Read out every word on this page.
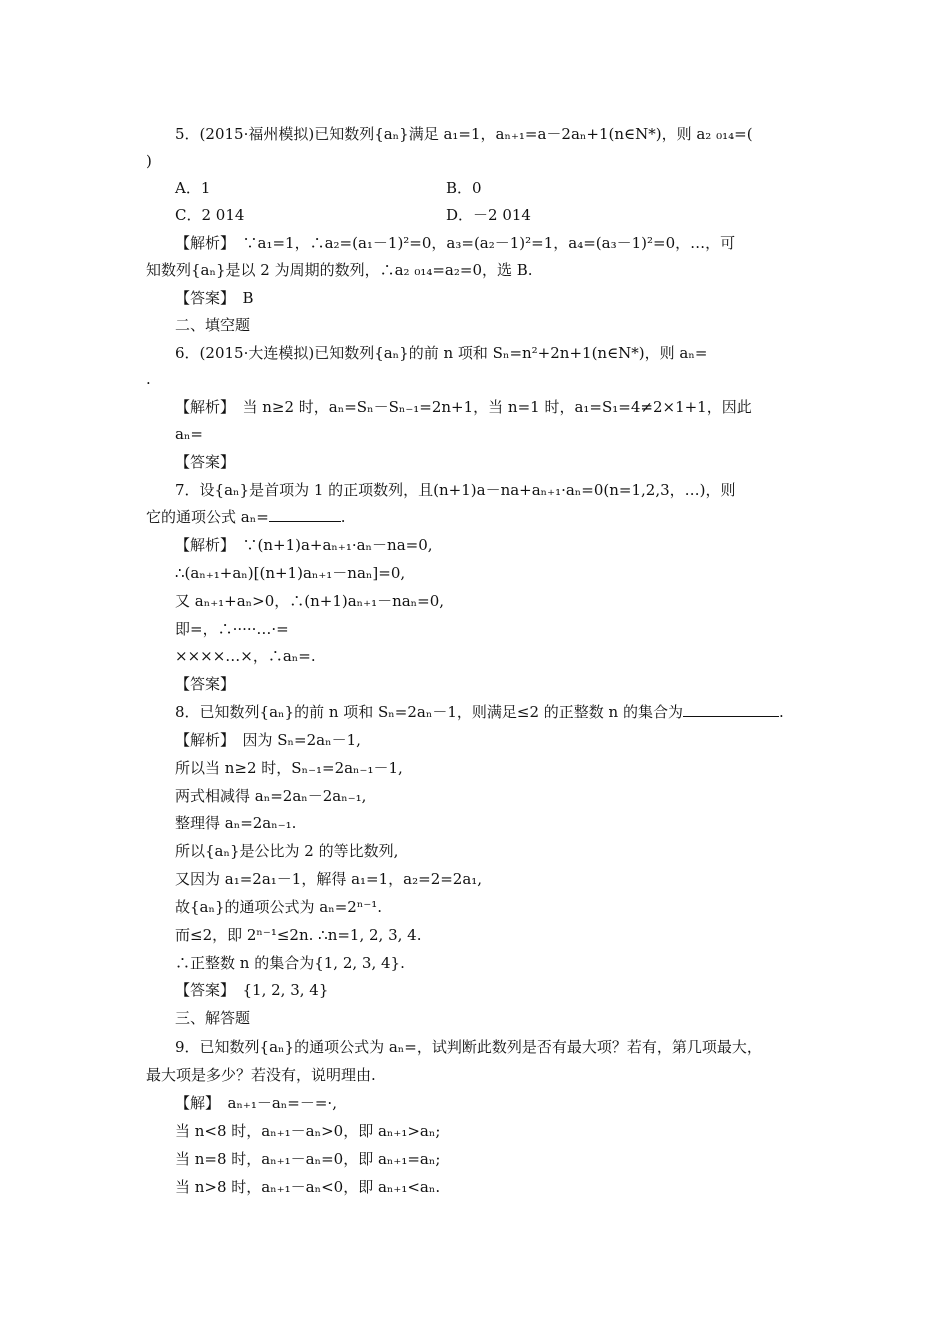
5．(2015·福州模拟)已知数列{aₙ}满足 a₁=1，aₙ₊₁=a－2aₙ+1(n∈N*)，则 a₂ ₀₁₄=(
)
A．1	B．0
C．2 014	D．－2 014
【解析】　∵a₁=1，∴a₂=(a₁－1)²=0，a₃=(a₂－1)²=1，a₄=(a₃－1)²=0，…，可
知数列{aₙ}是以 2 为周期的数列，∴a₂ ₀₁₄=a₂=0，选 B.
【答案】　B
二、填空题
6．(2015·大连模拟)已知数列{aₙ}的前 n 项和 Sₙ=n²+2n+1(n∈N*)，则 aₙ=
.
【解析】　当 n≥2 时，aₙ=Sₙ－Sₙ₋₁=2n+1，当 n=1 时，a₁=S₁=4≠2×1+1，因此
aₙ=
【答案】
7．设{aₙ}是首项为 1 的正项数列，且(n+1)a－na+aₙ₊₁·aₙ=0(n=1,2,3，…)，则
它的通项公式 aₙ=	.
【解析】　∵(n+1)a+aₙ₊₁·aₙ－na=0,
∴(aₙ₊₁+aₙ)[(n+1)aₙ₊₁－naₙ]=0,
又 aₙ₊₁+aₙ>0，∴(n+1)aₙ₊₁－naₙ=0,
即=，∴·····…·=
××××…×，∴aₙ=.
【答案】
8．已知数列{aₙ}的前 n 项和 Sₙ=2aₙ－1，则满足≤2 的正整数 n 的集合为	.
【解析】　因为 Sₙ=2aₙ－1,
所以当 n≥2 时，Sₙ₋₁=2aₙ₋₁－1,
两式相减得 aₙ=2aₙ－2aₙ₋₁,
整理得 aₙ=2aₙ₋₁.
所以{aₙ}是公比为 2 的等比数列,
又因为 a₁=2a₁－1，解得 a₁=1，a₂=2=2a₁,
故{aₙ}的通项公式为 aₙ=2ⁿ⁻¹.
而≤2，即 2ⁿ⁻¹≤2n. ∴n=1, 2, 3, 4.
∴正整数 n 的集合为{1, 2, 3, 4}.
【答案】　{1, 2, 3, 4}
三、解答题
9．已知数列{aₙ}的通项公式为 aₙ=，试判断此数列是否有最大项？若有，第几项最大，
最大项是多少？若没有，说明理由.
【解】　aₙ₊₁－aₙ=－=·,
当 n<8 时，aₙ₊₁－aₙ>0，即 aₙ₊₁>aₙ;
当 n=8 时，aₙ₊₁－aₙ=0，即 aₙ₊₁=aₙ;
当 n>8 时，aₙ₊₁－aₙ<0，即 aₙ₊₁<aₙ.
